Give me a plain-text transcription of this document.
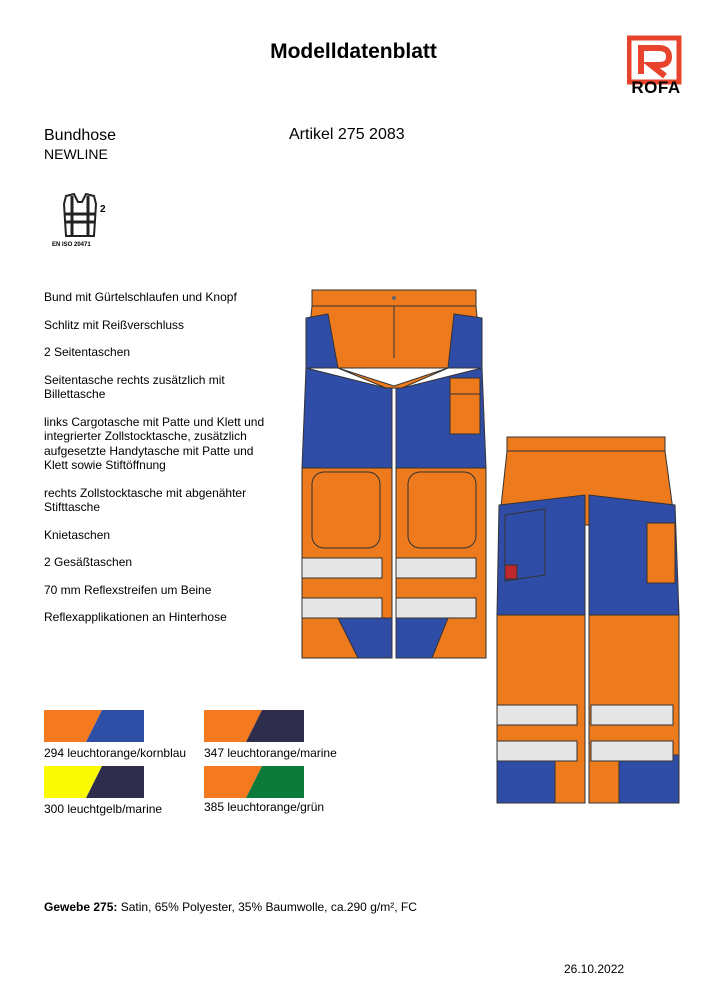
Modelldatenblatt
ROFA
Bundhose
NEWLINE
Artikel 275 2083
2
EN ISO 20471

Bund mit Gürtelschlaufen und Knopf

Schlitz mit Reißverschluss

2 Seitentaschen

Seitentasche rechts zusätzlich mit Billettasche

links Cargotasche mit Patte und Klett und integrierter Zollstocktasche, zusätzlich aufgesetzte Handytasche mit Patte und Klett sowie Stiftöffnung

rechts Zollstocktasche mit abgenähter Stifttasche

Knietaschen

2 Gesäßtaschen

70 mm Reflexstreifen um Beine

Reflexapplikationen an Hinterhose

294 leuchtorange/kornblau 347 leuchtorange/marine
300 leuchtgelb/marine	385 leuchtorange/grün
Gewebe 275: Satin, 65% Polyester, 35% Baumwolle, ca.290 g/m², FC
26.10.2022
